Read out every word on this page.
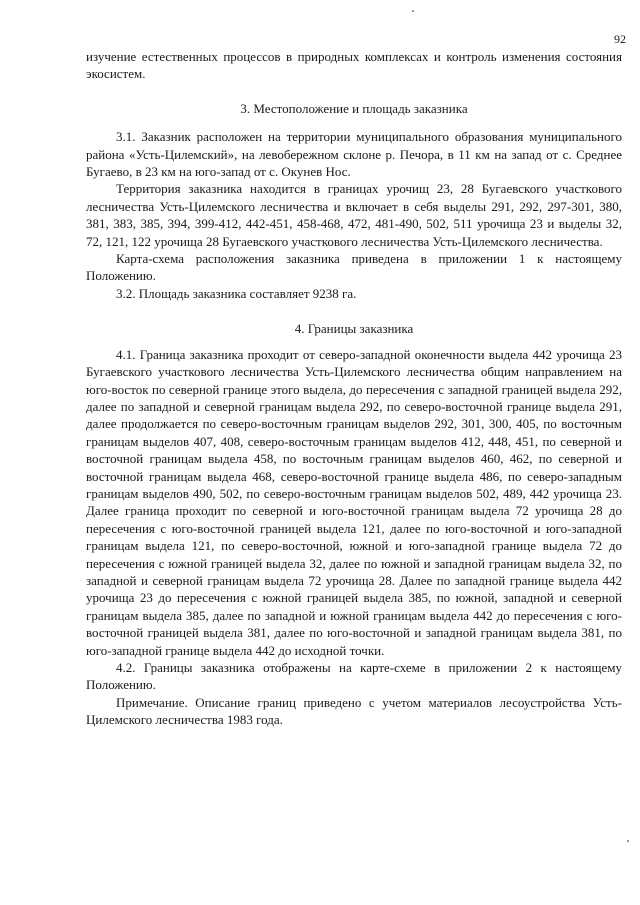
92

изучение естественных процессов в природных комплексах и контроль изменения состояния экосистем.

3. Местоположение и площадь заказника

3.1. Заказник расположен на территории муниципального образования муниципального района «Усть-Цилемский», на левобережном склоне р. Печора, в 11 км на запад от с. Среднее Бугаево, в 23 км на юго-запад от с. Окунев Нос.

Территория заказника находится в границах урочищ 23, 28 Бугаевского участкового лесничества Усть-Цилемского лесничества и включает в себя выделы 291, 292, 297-301, 380, 381, 383, 385, 394, 399-412, 442-451, 458-468, 472, 481-490, 502, 511 урочища 23 и выделы 32, 72, 121, 122 урочища 28 Бугаевского участкового лесничества Усть-Цилемского лесничества.

Карта-схема расположения заказника приведена в приложении 1 к настоящему Положению.

3.2. Площадь заказника составляет 9238 га.

4. Границы заказника

4.1. Граница заказника проходит от северо-западной оконечности выдела 442 урочища 23 Бугаевского участкового лесничества Усть-Цилемского лесничества общим направлением на юго-восток по северной границе этого выдела, до пересечения с западной границей выдела 292, далее по западной и северной границам выдела 292, по северо-восточной границе выдела 291, далее продолжается по северо-восточным границам выделов 292, 301, 300, 405, по восточным границам выделов 407, 408, северо-восточным границам выделов 412, 448, 451, по северной и восточной границам выдела 458, по восточным границам выделов 460, 462, по северной и восточной границам выдела 468, северо-восточной границе выдела 486, по северо-западным границам выделов 490, 502, по северо-восточным границам выделов 502, 489, 442 урочища 23. Далее граница проходит по северной и юго-восточной границам выдела 72 урочища 28 до пересечения с юго-восточной границей выдела 121, далее по юго-восточной и юго-западной границам выдела 121, по северо-восточной, южной и юго-западной границе выдела 72 до пересечения с южной границей выдела 32, далее по южной и западной границам выдела 32, по западной и северной границам выдела 72 урочища 28. Далее по западной границе выдела 442 урочища 23 до пересечения с южной границей выдела 385, по южной, западной и северной границам выдела 385, далее по западной и южной границам выдела 442 до пересечения с юго-восточной границей выдела 381, далее по юго-восточной и западной границам выдела 381, по юго-западной границе выдела 442 до исходной точки.

4.2. Границы заказника отображены на карте-схеме в приложении 2 к настоящему Положению.

Примечание. Описание границ приведено с учетом материалов лесоустройства Усть-Цилемского лесничества 1983 года.
